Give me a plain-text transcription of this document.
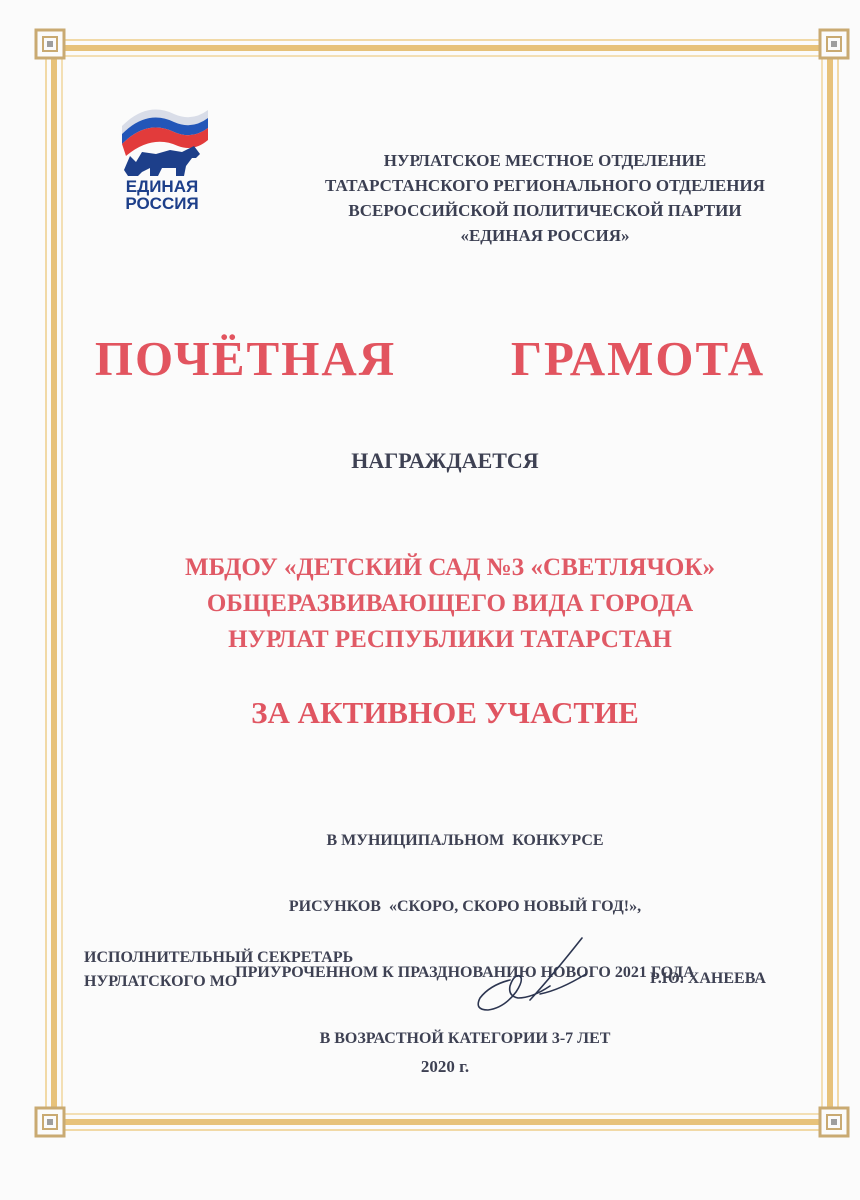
ЕДИНАЯ
РОССИЯ
НУРЛАТСКОЕ МЕСТНОЕ ОТДЕЛЕНИЕ
ТАТАРСТАНСКОГО РЕГИОНАЛЬНОГО ОТДЕЛЕНИЯ
ВСЕРОССИЙСКОЙ ПОЛИТИЧЕСКОЙ ПАРТИИ
«ЕДИНАЯ РОССИЯ»
ПОЧЁТНАЯ   ГРАМОТА
НАГРАЖДАЕТСЯ
МБДОУ «ДЕТСКИЙ САД №3 «СВЕТЛЯЧОК»
ОБЩЕРАЗВИВАЮЩЕГО ВИДА ГОРОДА
НУРЛАТ РЕСПУБЛИКИ ТАТАРСТАН
ЗА АКТИВНОЕ УЧАСТИЕ

В МУНИЦИПАЛЬНОМ  КОНКУРСЕ

РИСУНКОВ  «СКОРО, СКОРО НОВЫЙ ГОД!»,

ПРИУРОЧЕННОМ К ПРАЗДНОВАНИЮ НОВОГО 2021 ГОДА

В ВОЗРАСТНОЙ КАТЕГОРИИ 3-7 ЛЕТ

ИСПОЛНИТЕЛЬНЫЙ СЕКРЕТАРЬ
НУРЛАТСКОГО МО	Р.Ю. ХАНЕЕВА
2020 г.
